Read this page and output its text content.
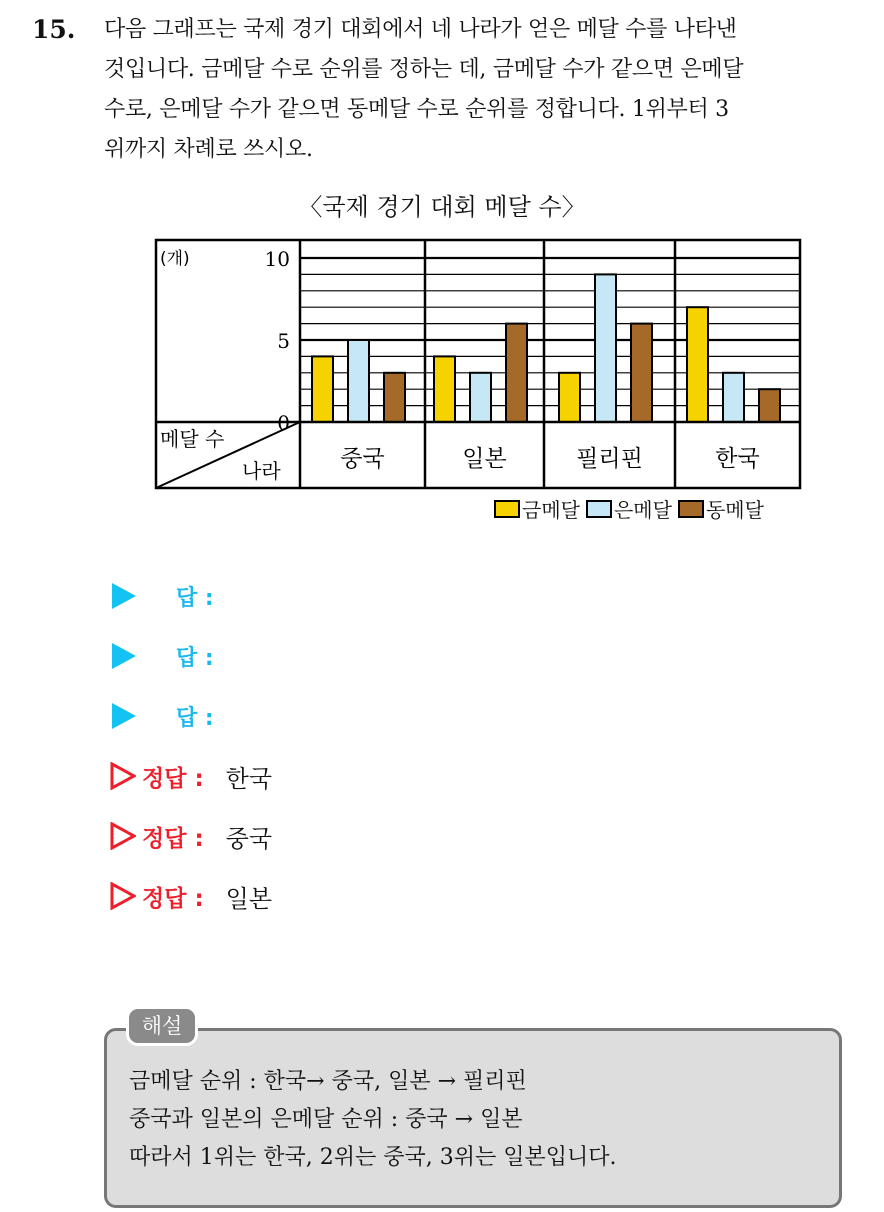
15. 다음 그래프는 국제 경기 대회에서 네 나라가 얻은 메달 수를 나타낸
것입니다. 금메달 수로 순위를 정하는 데, 금메달 수가 같으면 은메달
수로, 은메달 수가 같으면 동메달 수로 순위를 정합니다. 1위부터 3
위까지 차례로 쓰시오.
〈국제 경기 대회 메달 수〉
중국	일본	필리핀	한국
10
5
0
(개)
메달 수
나라
금메달 은메달 동메달
답 :
답 :
답 :
정답 : 한국
정답 : 중국
정답 : 일본
금메달 순위 : 한국→ 중국, 일본 → 필리핀
중국과 일본의 은메달 순위 : 중국 → 일본
따라서 1위는 한국, 2위는 중국, 3위는 일본입니다.
해설
